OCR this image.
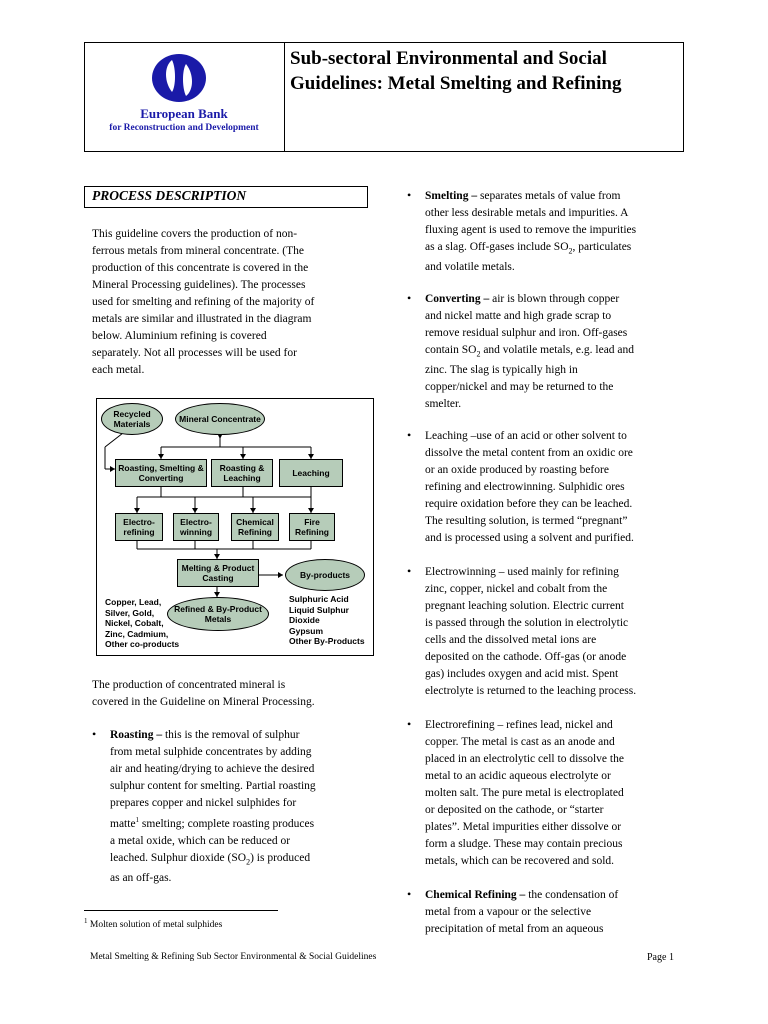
European Bank
for Reconstruction and Development
Sub-sectoral Environmental and Social Guidelines: Metal Smelting and Refining
PROCESS DESCRIPTION
This guideline covers the production of non-
ferrous metals from mineral concentrate. (The
production of this concentrate is covered in the
Mineral Processing guidelines). The processes
used for smelting and refining of the majority of
metals are similar and illustrated in the diagram
below. Aluminium refining is covered
separately. Not all processes will be used for
each metal.
Recycled Materials	Mineral Concentrate
Roasting, Smelting & Converting
Roasting & Leaching	Leaching
Electro-refining
Electro-winning
Chemical Refining
Fire Refining
Melting & Product Casting	By-products
Refined & By-Product Metals
Copper, Lead,
Silver, Gold,
Nickel, Cobalt,
Zinc, Cadmium,
Other co-products
Sulphuric Acid
Liquid Sulphur
Dioxide
Gypsum
Other By-Products
The production of concentrated mineral is
covered in the Guideline on Mineral Processing.
• Roasting – this is the removal of sulphur
from metal sulphide concentrates by adding
air and heating/drying to achieve the desired
sulphur content for smelting. Partial roasting
prepares copper and nickel sulphides for
matte$^1$ smelting; complete roasting produces
a metal oxide, which can be reduced or
leached. Sulphur dioxide $(SO_2)$ is produced
as an off-gas.
$^1$ Molten solution of metal sulphides
• Smelting – separates metals of value from
other less desirable metals and impurities. A
fluxing agent is used to remove the impurities
as a slag. Off-gases include $SO_2$, particulates
and volatile metals.
• Converting – air is blown through copper
and nickel matte and high grade scrap to
remove residual sulphur and iron. Off-gases
contain $SO_2$ and volatile metals, e.g. lead and
zinc. The slag is typically high in
copper/nickel and may be returned to the
smelter.
• Leaching –use of an acid or other solvent to
dissolve the metal content from an oxidic ore
or an oxide produced by roasting before
refining and electrowinning. Sulphidic ores
require oxidation before they can be leached.
The resulting solution, is termed “pregnant”
and is processed using a solvent and purified.
• Electrowinning – used mainly for refining
zinc, copper, nickel and cobalt from the
pregnant leaching solution. Electric current
is passed through the solution in electrolytic
cells and the dissolved metal ions are
deposited on the cathode. Off-gas (or anode
gas) includes oxygen and acid mist. Spent
electrolyte is returned to the leaching process.
• Electrorefining – refines lead, nickel and
copper. The metal is cast as an anode and
placed in an electrolytic cell to dissolve the
metal to an acidic aqueous electrolyte or
molten salt. The pure metal is electroplated
or deposited on the cathode, or “starter
plates”. Metal impurities either dissolve or
form a sludge. These may contain precious
metals, which can be recovered and sold.
• Chemical Refining – the condensation of
metal from a vapour or the selective
precipitation of metal from an aqueous
Metal Smelting & Refining Sub Sector Environmental & Social Guidelines	Page 1
